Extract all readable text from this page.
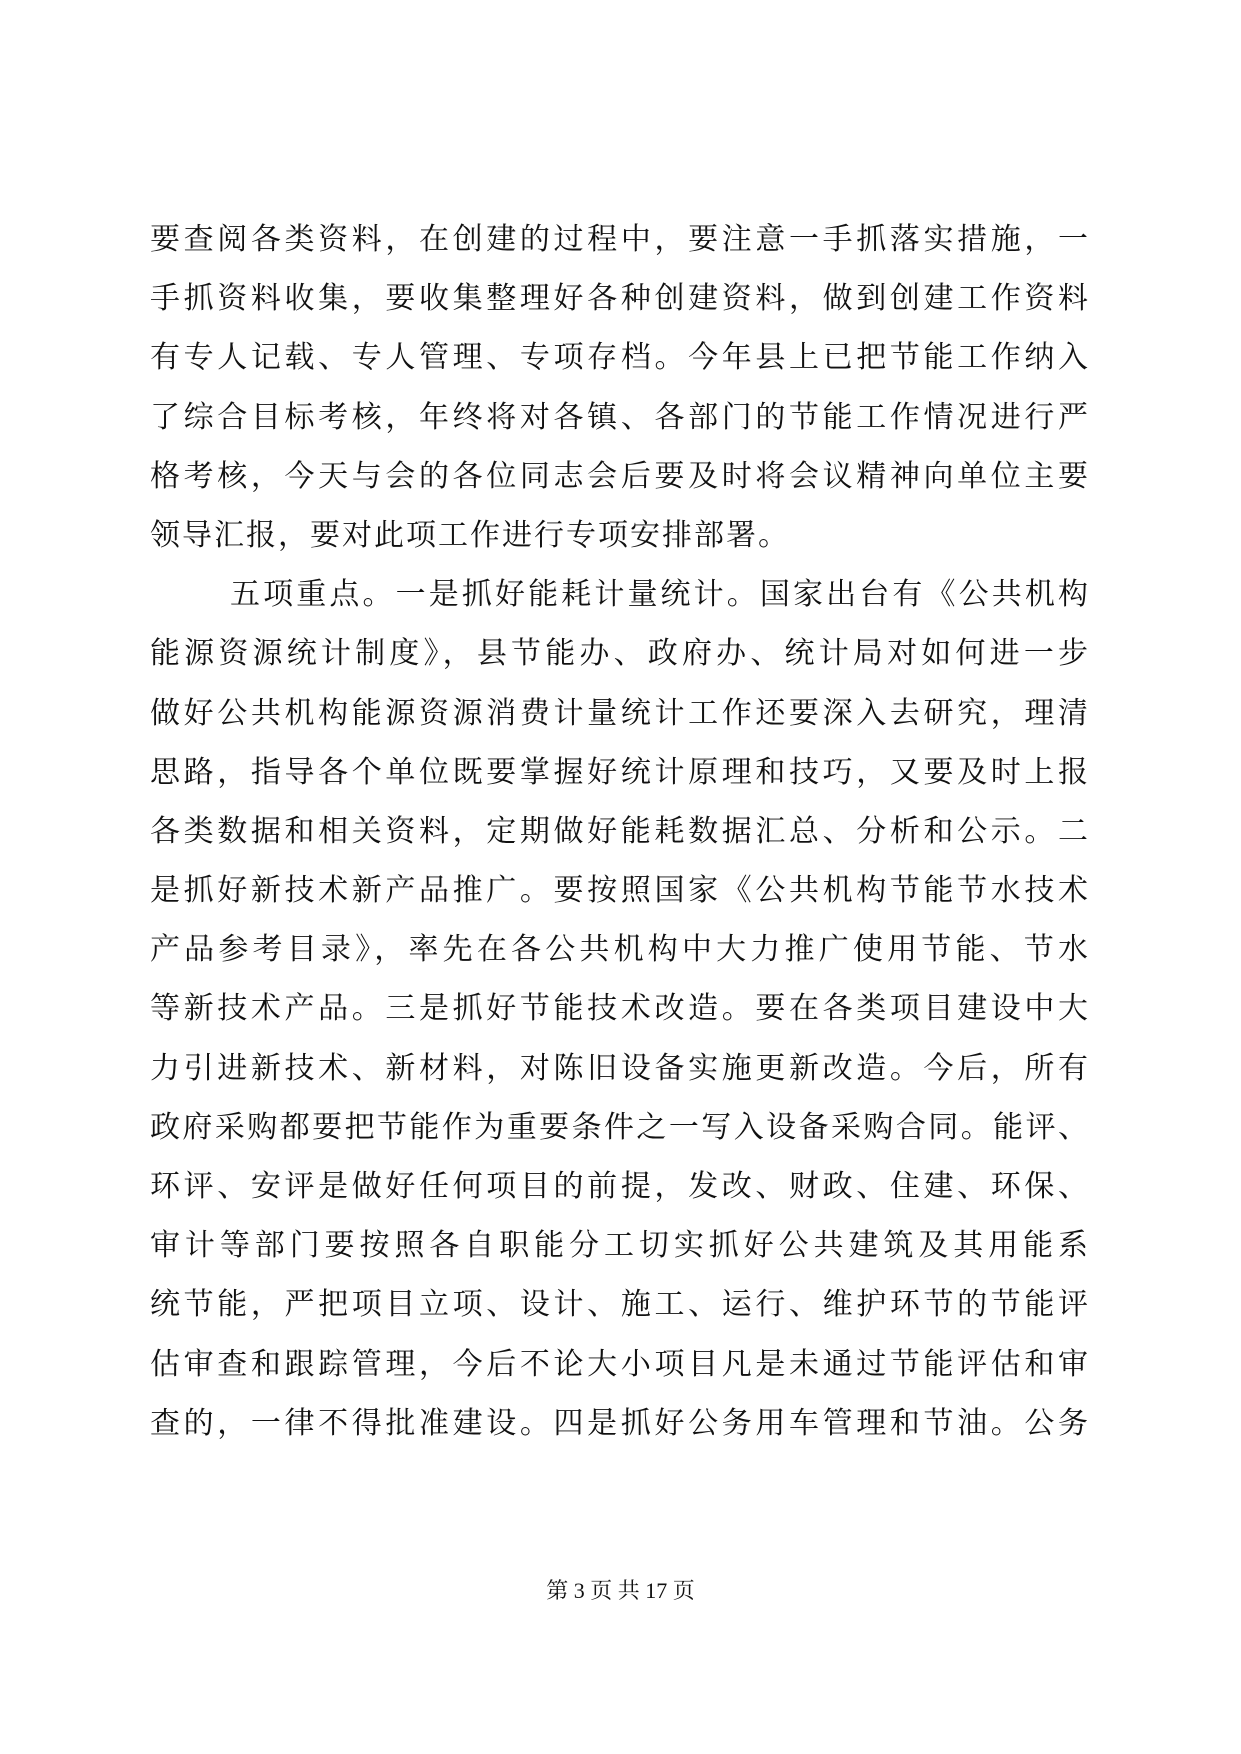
要查阅各类资料，在创建的过程中，要注意一手抓落实措施，一
手抓资料收集，要收集整理好各种创建资料，做到创建工作资料
有专人记载、专人管理、专项存档。今年县上已把节能工作纳入
了综合目标考核，年终将对各镇、各部门的节能工作情况进行严
格考核，今天与会的各位同志会后要及时将会议精神向单位主要
领导汇报，要对此项工作进行专项安排部署。
五项重点。一是抓好能耗计量统计。国家出台有《公共机构
能源资源统计制度》，县节能办、政府办、统计局对如何进一步
做好公共机构能源资源消费计量统计工作还要深入去研究，理清
思路，指导各个单位既要掌握好统计原理和技巧，又要及时上报
各类数据和相关资料，定期做好能耗数据汇总、分析和公示。二
是抓好新技术新产品推广。要按照国家《公共机构节能节水技术
产品参考目录》，率先在各公共机构中大力推广使用节能、节水
等新技术产品。三是抓好节能技术改造。要在各类项目建设中大
力引进新技术、新材料，对陈旧设备实施更新改造。今后，所有
政府采购都要把节能作为重要条件之一写入设备采购合同。能评、
环评、安评是做好任何项目的前提，发改、财政、住建、环保、
审计等部门要按照各自职能分工切实抓好公共建筑及其用能系
统节能，严把项目立项、设计、施工、运行、维护环节的节能评
估审查和跟踪管理，今后不论大小项目凡是未通过节能评估和审
查的，一律不得批准建设。四是抓好公务用车管理和节油。公务
第 3 页 共 17 页
